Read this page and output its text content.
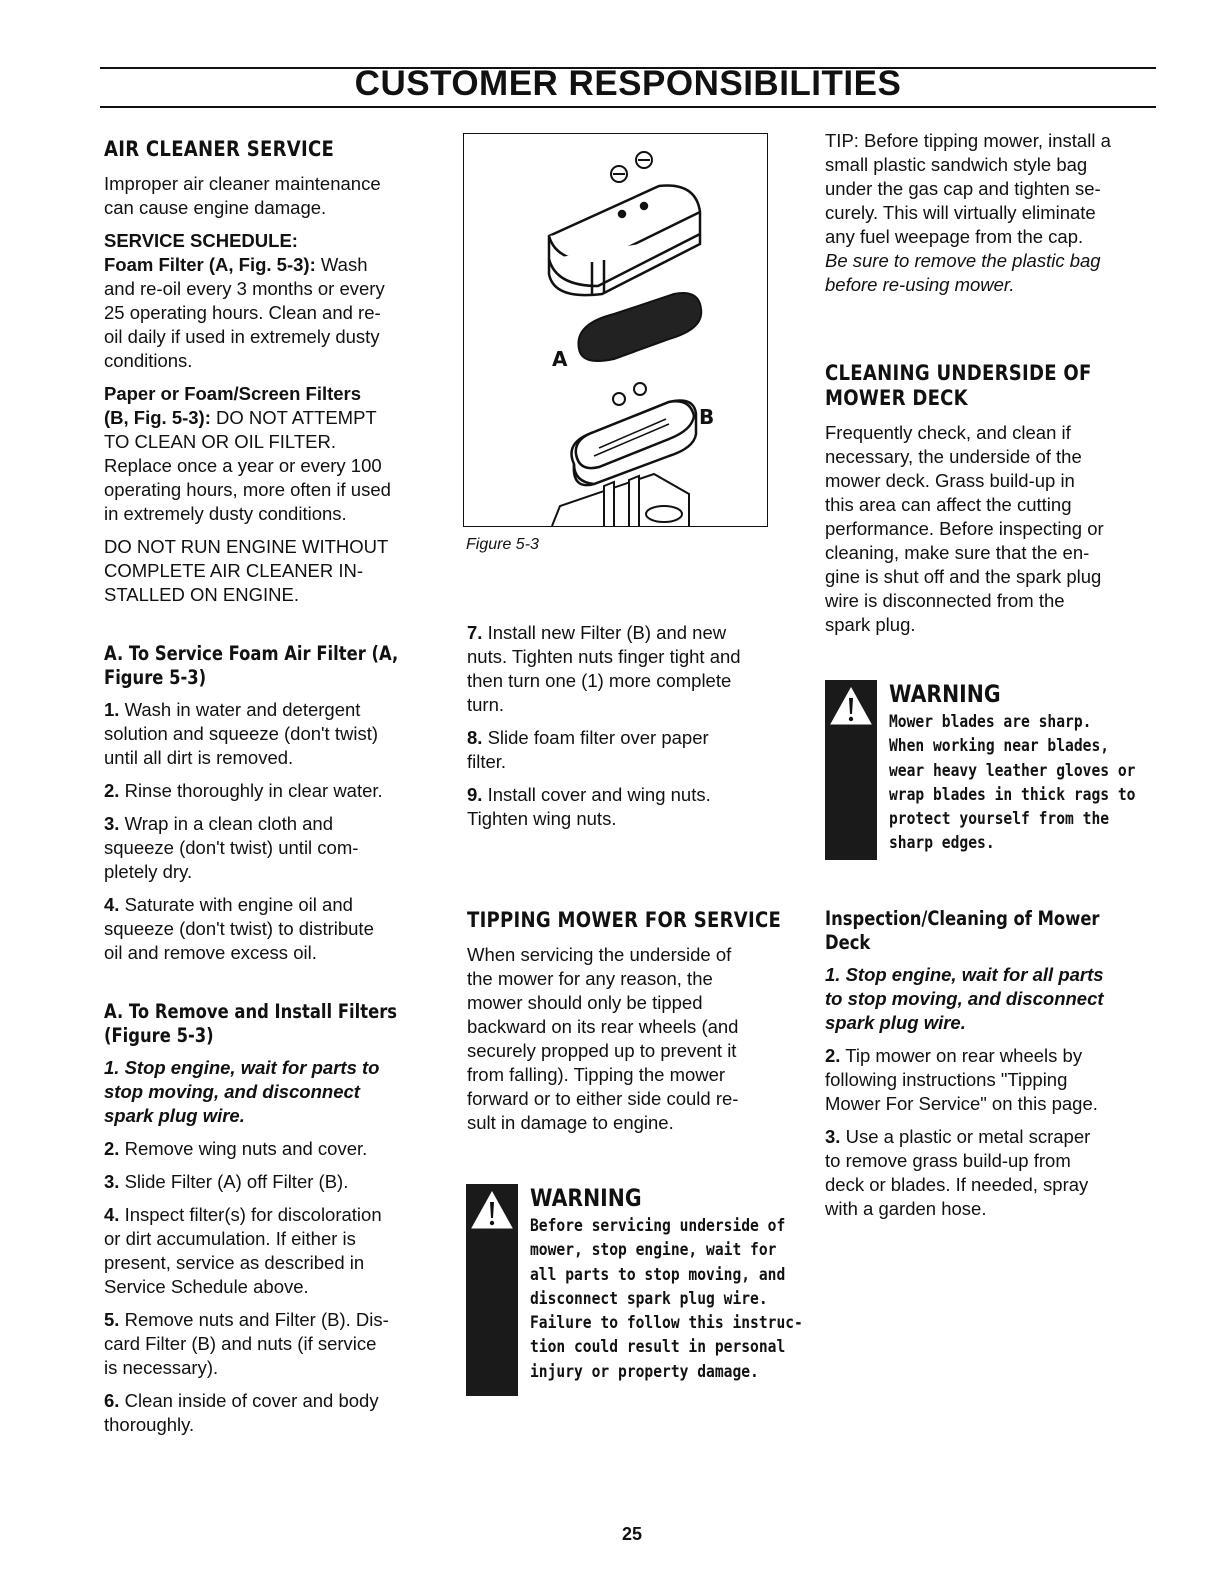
CUSTOMER RESPONSIBILITIES
AIR CLEANER SERVICE

Improper air cleaner maintenance
can cause engine damage.

SERVICE SCHEDULE:

Foam Filter (A, Fig. 5-3): Wash
and re-oil every 3 months or every
25 operating hours. Clean and re-
oil daily if used in extremely dusty
conditions.

Paper or Foam/Screen Filters
(B, Fig. 5-3): DO NOT ATTEMPT
TO CLEAN OR OIL FILTER.
Replace once a year or every 100
operating hours, more often if used
in extremely dusty conditions.

DO NOT RUN ENGINE WITHOUT
COMPLETE AIR CLEANER IN-
STALLED ON ENGINE.

A. To Service Foam Air Filter (A,
Figure 5-3)

1. Wash in water and detergent
solution and squeeze (don't twist)
until all dirt is removed.

2. Rinse thoroughly in clear water.

3. Wrap in a clean cloth and
squeeze (don't twist) until com-
pletely dry.

4. Saturate with engine oil and
squeeze (don't twist) to distribute
oil and remove excess oil.

A. To Remove and Install Filters
(Figure 5-3)

1. Stop engine, wait for parts to
stop moving, and disconnect
spark plug wire.

2. Remove wing nuts and cover.

3. Slide Filter (A) off Filter (B).

4. Inspect filter(s) for discoloration
or dirt accumulation. If either is
present, service as described in
Service Schedule above.

5. Remove nuts and Filter (B). Dis-
card Filter (B) and nuts (if service
is necessary).

6. Clean inside of cover and body
thoroughly.

A
B
Figure 5-3

7. Install new Filter (B) and new
nuts. Tighten nuts finger tight and
then turn one (1) more complete
turn.

8. Slide foam filter over paper
filter.

9. Install cover and wing nuts.
Tighten wing nuts.

TIPPING MOWER FOR SERVICE

When servicing the underside of
the mower for any reason, the
mower should only be tipped
backward on its rear wheels (and
securely propped up to prevent it
from falling). Tipping the mower
forward or to either side could re-
sult in damage to engine.

WARNING
Before servicing underside of
mower, stop engine, wait for
all parts to stop moving, and
disconnect spark plug wire.
Failure to follow this instruc-
tion could result in personal
injury or property damage.

TIP: Before tipping mower, install a
small plastic sandwich style bag
under the gas cap and tighten se-
curely. This will virtually eliminate
any fuel weepage from the cap.
Be sure to remove the plastic bag
before re-using mower.

CLEANING UNDERSIDE OF
MOWER DECK

Frequently check, and clean if
necessary, the underside of the
mower deck. Grass build-up in
this area can affect the cutting
performance. Before inspecting or
cleaning, make sure that the en-
gine is shut off and the spark plug
wire is disconnected from the
spark plug.

WARNING
Mower blades are sharp.
When working near blades,
wear heavy leather gloves or
wrap blades in thick rags to
protect yourself from the
sharp edges.
Inspection/Cleaning of Mower
Deck

1. Stop engine, wait for all parts
to stop moving, and disconnect
spark plug wire.

2. Tip mower on rear wheels by
following instructions "Tipping
Mower For Service" on this page.

3. Use a plastic or metal scraper
to remove grass build-up from
deck or blades. If needed, spray
with a garden hose.

25
